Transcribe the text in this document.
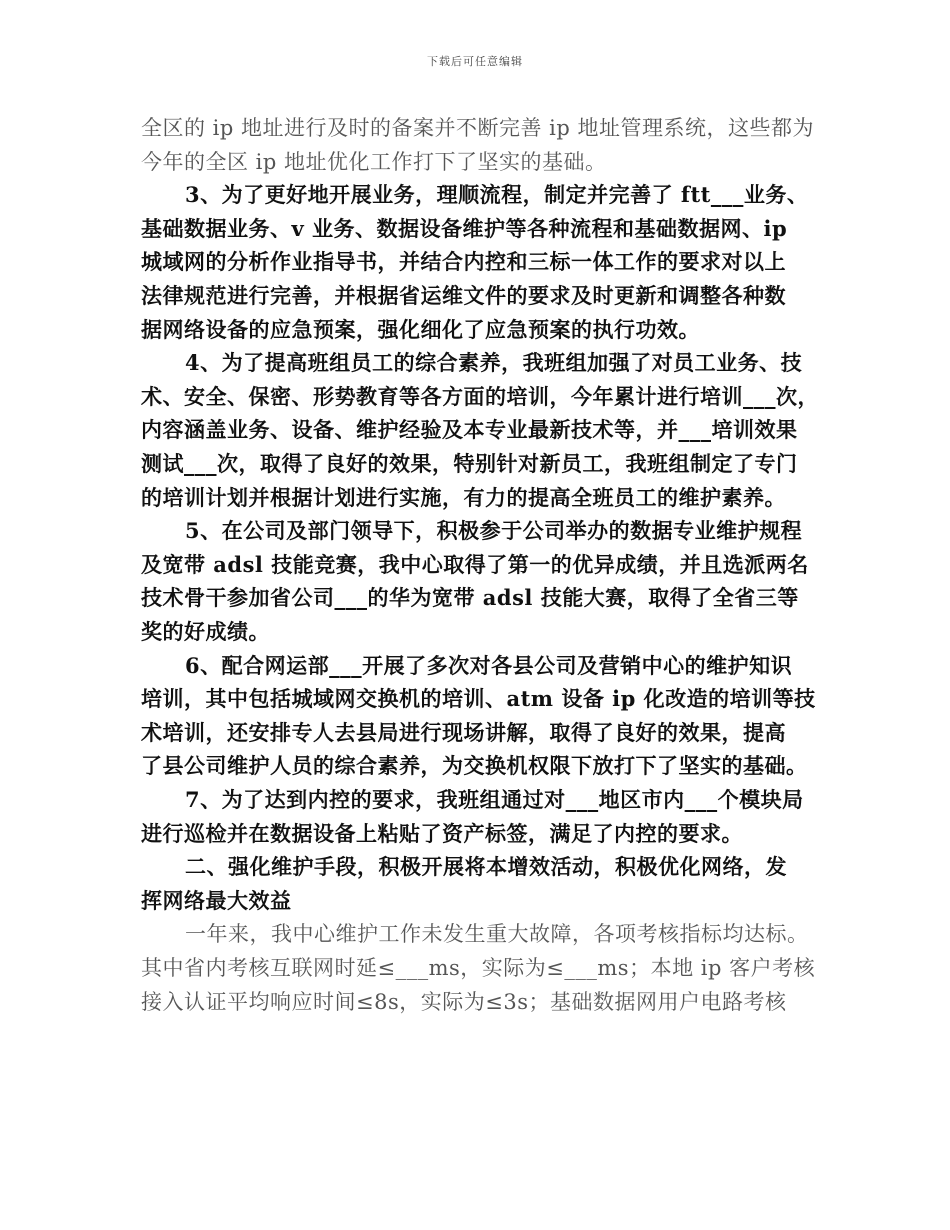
下载后可任意编辑
全区的 ip 地址进行及时的备案并不断完善 ip 地址管理系统，这些都为
今年的全区 ip 地址优化工作打下了坚实的基础。
3、为了更好地开展业务，理顺流程，制定并完善了 ftt___业务、
基础数据业务、v 业务、数据设备维护等各种流程和基础数据网、ip
城域网的分析作业指导书，并结合内控和三标一体工作的要求对以上
法律规范进行完善，并根据省运维文件的要求及时更新和调整各种数
据网络设备的应急预案，强化细化了应急预案的执行功效。
4、为了提高班组员工的综合素养，我班组加强了对员工业务、技
术、安全、保密、形势教育等各方面的培训，今年累计进行培训___次，
内容涵盖业务、设备、维护经验及本专业最新技术等，并___培训效果
测试___次，取得了良好的效果，特别针对新员工，我班组制定了专门
的培训计划并根据计划进行实施，有力的提高全班员工的维护素养。
5、在公司及部门领导下，积极参于公司举办的数据专业维护规程
及宽带 adsl 技能竞赛，我中心取得了第一的优异成绩，并且选派两名
技术骨干参加省公司___的华为宽带 adsl 技能大赛，取得了全省三等
奖的好成绩。
6、配合网运部___开展了多次对各县公司及营销中心的维护知识
培训，其中包括城域网交换机的培训、atm 设备 ip 化改造的培训等技
术培训，还安排专人去县局进行现场讲解，取得了良好的效果，提高
了县公司维护人员的综合素养，为交换机权限下放打下了坚实的基础。
7、为了达到内控的要求，我班组通过对___地区市内___个模块局
进行巡检并在数据设备上粘贴了资产标签，满足了内控的要求。
二、强化维护手段，积极开展将本增效活动，积极优化网络，发
挥网络最大效益
一年来，我中心维护工作未发生重大故障，各项考核指标均达标。
其中省内考核互联网时延≤___ms，实际为≤___ms；本地 ip 客户考核
接入认证平均响应时间≤8s，实际为≤3s；基础数据网用户电路考核
